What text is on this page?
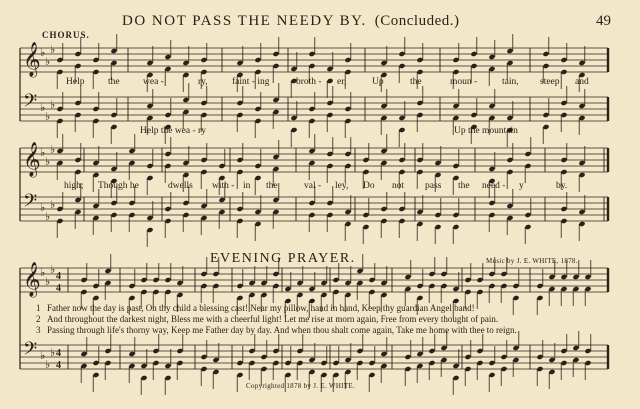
DO NOT PASS THE NEEDY BY. (Concluded.)	49
CHORUS.
𝄞 ♭
♭
♭
𝄢 ♭
♭
♭
𝄞 ♭
♭
♭
𝄢 ♭
♭
♭
𝄞 ♭
♭
♭
𝄢 ♭
♭
♭
4
4
4
4
Help the wea -	ry,	faint - ing	broth - er,	Up	the	moun -	tain, steep and
Help the wea - ry	Up the mountain
high; Though he	dwells with - in the	val - ley, Do not pass the need - y	by.
EVENING PRAYER.	Music by J. E. WHITE, 1878.
1 Father now the day is past, On thy child a blessing cast! Near my pillow, hand in hand, Keep thy guardian Angel band!
2 And throughout the darkest night, Bless me with a cheerful light! Let me rise at morn again, Free from every thought of pain.
3 Passing through life's thorny way, Keep me Father day by day. And when thou shalt come again, Take me home with thee to reign.
Copyrighted 1878 by J. E. WHITE.
